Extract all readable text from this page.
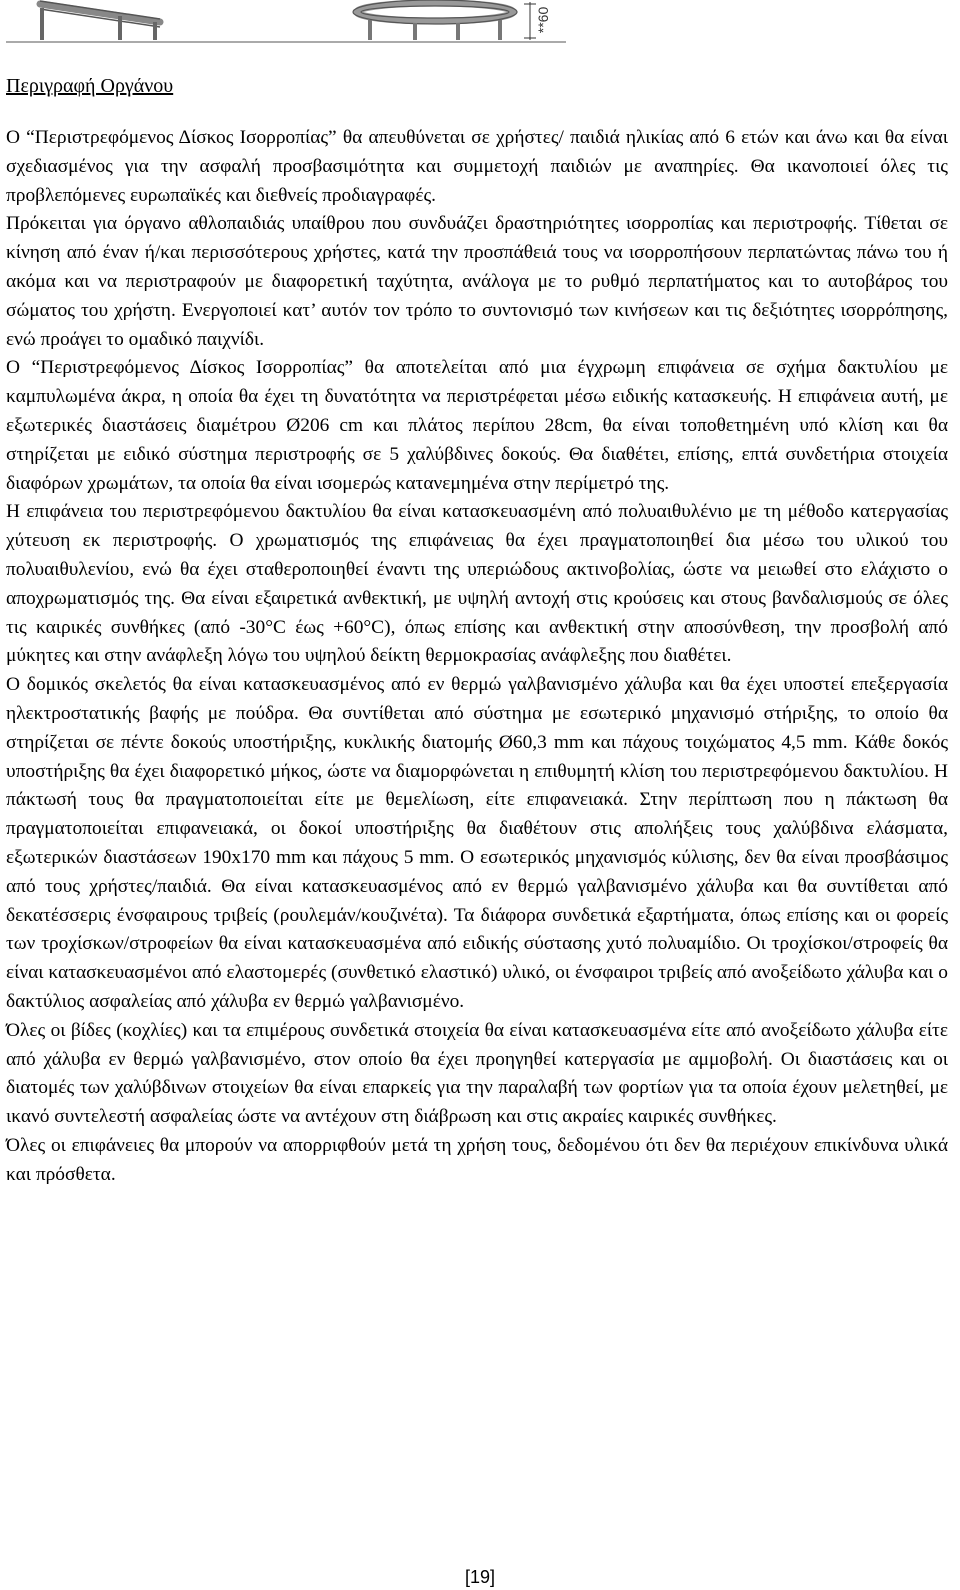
**60
Περιγραφή Οργάνου

Ο “Περιστρεφόμενος Δίσκος Ισορροπίας” θα απευθύνεται σε χρήστες/ παιδιά ηλικίας από 6 ετών και άνω και θα είναι σχεδιασμένος για την ασφαλή προσβασιμότητα και συμμετοχή παιδιών με αναπηρίες. Θα ικανοποιεί όλες τις προβλεπόμενες ευρωπαϊκές και διεθνείς προδιαγραφές.

Πρόκειται για όργανο αθλοπαιδιάς υπαίθρου που συνδυάζει δραστηριότητες ισορροπίας και περιστροφής. Τίθεται σε κίνηση από έναν ή/και περισσότερους χρήστες, κατά την προσπάθειά τους να ισορροπήσουν περπατώντας πάνω του ή ακόμα και να περιστραφούν με διαφορετική ταχύτητα, ανάλογα με το ρυθμό περπατήματος και το αυτοβάρος του σώματος του χρήστη. Ενεργοποιεί κατ’ αυτόν τον τρόπο το συντονισμό των κινήσεων και τις δεξιότητες ισορρόπησης, ενώ προάγει το ομαδικό παιχνίδι.

Ο “Περιστρεφόμενος Δίσκος Ισορροπίας” θα αποτελείται από μια έγχρωμη επιφάνεια σε σχήμα δακτυλίου με καμπυλωμένα άκρα, η οποία θα έχει τη δυνατότητα να περιστρέφεται μέσω ειδικής κατασκευής. Η επιφάνεια αυτή, με εξωτερικές διαστάσεις διαμέτρου Ø206 cm και πλάτος περίπου 28cm, θα είναι τοποθετημένη υπό κλίση και θα στηρίζεται με ειδικό σύστημα περιστροφής σε 5 χαλύβδινες δοκούς. Θα διαθέτει, επίσης, επτά συνδετήρια στοιχεία διαφόρων χρωμάτων, τα οποία θα είναι ισομερώς κατανεμημένα στην περίμετρό της.

Η επιφάνεια του περιστρεφόμενου δακτυλίου θα είναι κατασκευασμένη από πολυαιθυλένιο με τη μέθοδο κατεργασίας χύτευση εκ περιστροφής. Ο χρωματισμός της επιφάνειας θα έχει πραγματοποιηθεί δια μέσω του υλικού του πολυαιθυλενίου, ενώ θα έχει σταθεροποιηθεί έναντι της υπεριώδους ακτινοβολίας, ώστε να μειωθεί στο ελάχιστο ο αποχρωματισμός της. Θα είναι εξαιρετικά ανθεκτική, με υψηλή αντοχή στις κρούσεις και στους βανδαλισμούς σε όλες τις καιρικές συνθήκες (από -30°C έως +60°C), όπως επίσης και ανθεκτική στην αποσύνθεση, την προσβολή από μύκητες και στην ανάφλεξη λόγω του υψηλού δείκτη θερμοκρασίας ανάφλεξης που διαθέτει.

Ο δομικός σκελετός θα είναι κατασκευασμένος από εν θερμώ γαλβανισμένο χάλυβα και θα έχει υποστεί επεξεργασία ηλεκτροστατικής βαφής με πούδρα. Θα συντίθεται από σύστημα με εσωτερικό μηχανισμό στήριξης, το οποίο θα στηρίζεται σε πέντε δοκούς υποστήριξης, κυκλικής διατομής Ø60,3 mm και πάχους τοιχώματος 4,5 mm. Κάθε δοκός υποστήριξης θα έχει διαφορετικό μήκος, ώστε να διαμορφώνεται η επιθυμητή κλίση του περιστρεφόμενου δακτυλίου. Η πάκτωσή τους θα πραγματοποιείται είτε με θεμελίωση, είτε επιφανειακά. Στην περίπτωση που η πάκτωση θα πραγματοποιείται επιφανειακά, οι δοκοί υποστήριξης θα διαθέτουν στις απολήξεις τους χαλύβδινα ελάσματα, εξωτερικών διαστάσεων 190x170 mm και πάχους 5 mm. Ο εσωτερικός μηχανισμός κύλισης, δεν θα είναι προσβάσιμος από τους χρήστες/παιδιά. Θα είναι κατασκευασμένος από εν θερμώ γαλβανισμένο χάλυβα και θα συντίθεται από δεκατέσσερις ένσφαιρους τριβείς (ρουλεμάν/κουζινέτα). Τα διάφορα συνδετικά εξαρτήματα, όπως επίσης και οι φορείς των τροχίσκων/στροφείων θα είναι κατασκευασμένα από ειδικής σύστασης χυτό πολυαμίδιο. Οι τροχίσκοι/στροφείς θα είναι κατασκευασμένοι από ελαστομερές (συνθετικό ελαστικό) υλικό, οι ένσφαιροι τριβείς από ανοξείδωτο χάλυβα και ο δακτύλιος ασφαλείας από χάλυβα εν θερμώ γαλβανισμένο.

Όλες οι βίδες (κοχλίες) και τα επιμέρους συνδετικά στοιχεία θα είναι κατασκευασμένα είτε από ανοξείδωτο χάλυβα είτε από χάλυβα εν θερμώ γαλβανισμένο, στον οποίο θα έχει προηγηθεί κατεργασία με αμμοβολή. Οι διαστάσεις και οι διατομές των χαλύβδινων στοιχείων θα είναι επαρκείς για την παραλαβή των φορτίων για τα οποία έχουν μελετηθεί, με ικανό συντελεστή ασφαλείας ώστε να αντέχουν στη διάβρωση και στις ακραίες καιρικές συνθήκες.

Όλες οι επιφάνειες θα μπορούν να απορριφθούν μετά τη χρήση τους, δεδομένου ότι δεν θα περιέχουν επικίνδυνα υλικά και πρόσθετα.

[19]
